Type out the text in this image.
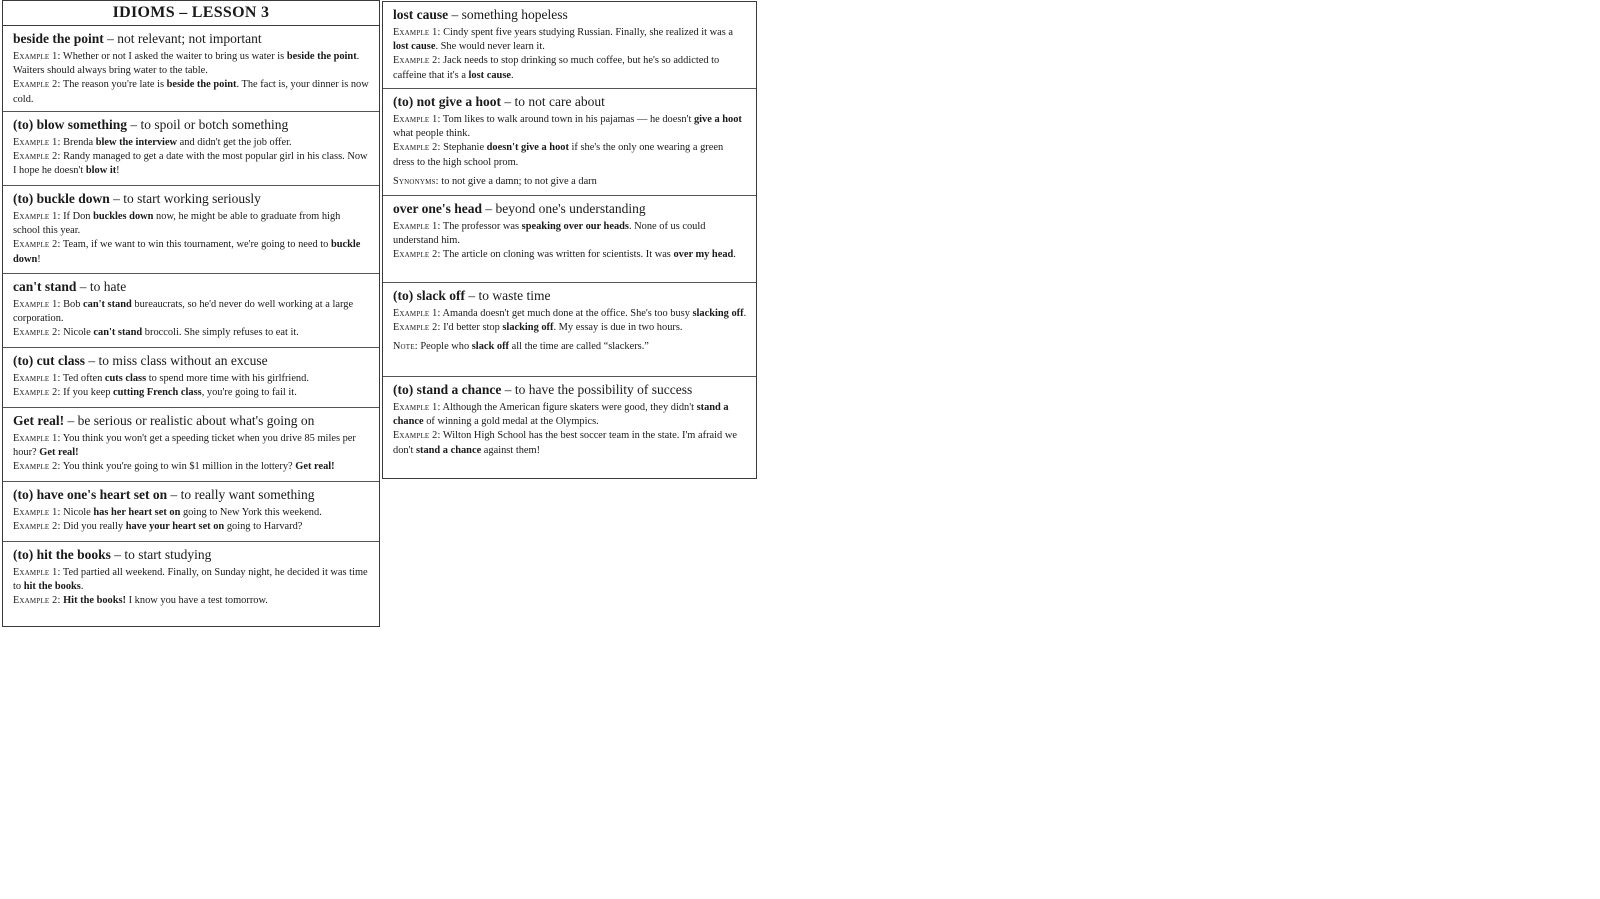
IDIOMS – LESSON 3
beside the point – not relevant; not important
Example 1: Whether or not I asked the waiter to bring us water is beside the point. Waiters should always bring water to the table.
Example 2: The reason you're late is beside the point. The fact is, your dinner is now cold.
(to) blow something – to spoil or botch something
Example 1: Brenda blew the interview and didn't get the job offer.
Example 2: Randy managed to get a date with the most popular girl in his class. Now I hope he doesn't blow it!
(to) buckle down – to start working seriously
Example 1: If Don buckles down now, he might be able to graduate from high school this year.
Example 2: Team, if we want to win this tournament, we're going to need to buckle down!
can't stand – to hate
Example 1: Bob can't stand bureaucrats, so he'd never do well working at a large corporation.
Example 2: Nicole can't stand broccoli. She simply refuses to eat it.
(to) cut class – to miss class without an excuse
Example 1: Ted often cuts class to spend more time with his girlfriend.
Example 2: If you keep cutting French class, you're going to fail it.
Get real! – be serious or realistic about what's going on
Example 1: You think you won't get a speeding ticket when you drive 85 miles per hour? Get real!
Example 2: You think you're going to win $1 million in the lottery? Get real!
(to) have one's heart set on – to really want something
Example 1: Nicole has her heart set on going to New York this weekend.
Example 2: Did you really have your heart set on going to Harvard?
(to) hit the books – to start studying
Example 1: Ted partied all weekend. Finally, on Sunday night, he decided it was time to hit the books.
Example 2: Hit the books! I know you have a test tomorrow.
lost cause – something hopeless
Example 1: Cindy spent five years studying Russian. Finally, she realized it was a lost cause. She would never learn it.
Example 2: Jack needs to stop drinking so much coffee, but he's so addicted to caffeine that it's a lost cause.
(to) not give a hoot – to not care about
Example 1: Tom likes to walk around town in his pajamas — he doesn't give a hoot what people think.
Example 2: Stephanie doesn't give a hoot if she's the only one wearing a green dress to the high school prom.
Synonyms: to not give a damn; to not give a darn
over one's head – beyond one's understanding
Example 1: The professor was speaking over our heads. None of us could understand him.
Example 2: The article on cloning was written for scientists. It was over my head.
(to) slack off – to waste time
Example 1: Amanda doesn't get much done at the office. She's too busy slacking off.
Example 2: I'd better stop slacking off. My essay is due in two hours.
Note: People who slack off all the time are called “slackers.”
(to) stand a chance – to have the possibility of success
Example 1: Although the American figure skaters were good, they didn't stand a chance of winning a gold medal at the Olympics.
Example 2: Wilton High School has the best soccer team in the state. I'm afraid we don't stand a chance against them!
